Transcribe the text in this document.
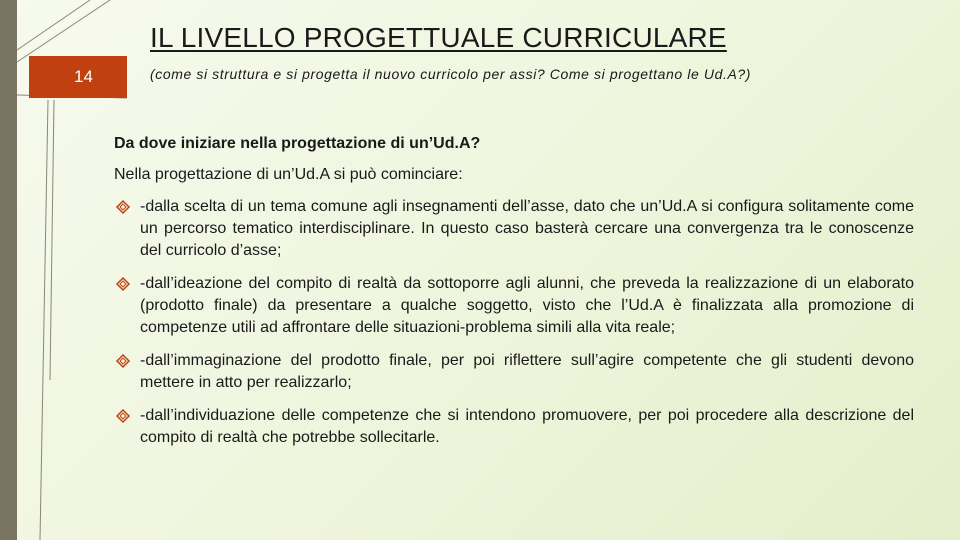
14
IL LIVELLO PROGETTUALE CURRICULARE
(come si struttura e si progetta il nuovo curricolo per assi? Come si progettano le Ud.A?)
Da dove iniziare nella progettazione di un’Ud.A?
Nella progettazione di un’Ud.A si può cominciare:
-dalla scelta di un tema comune agli insegnamenti dell’asse, dato che un’Ud.A si configura solitamente come un percorso tematico interdisciplinare. In questo caso basterà cercare una convergenza tra le conoscenze del curricolo d’asse;
-dall’ideazione del compito di realtà da sottoporre agli alunni, che preveda la realizzazione di un elaborato (prodotto finale) da presentare a qualche soggetto, visto che l’Ud.A è finalizzata alla promozione di competenze utili ad affrontare delle situazioni-problema simili alla vita reale;
-dall’immaginazione del prodotto finale, per poi riflettere sull’agire competente che gli studenti devono mettere in atto per realizzarlo;
-dall’individuazione delle competenze che si intendono promuovere, per poi procedere alla descrizione del compito di realtà che potrebbe sollecitarle.
